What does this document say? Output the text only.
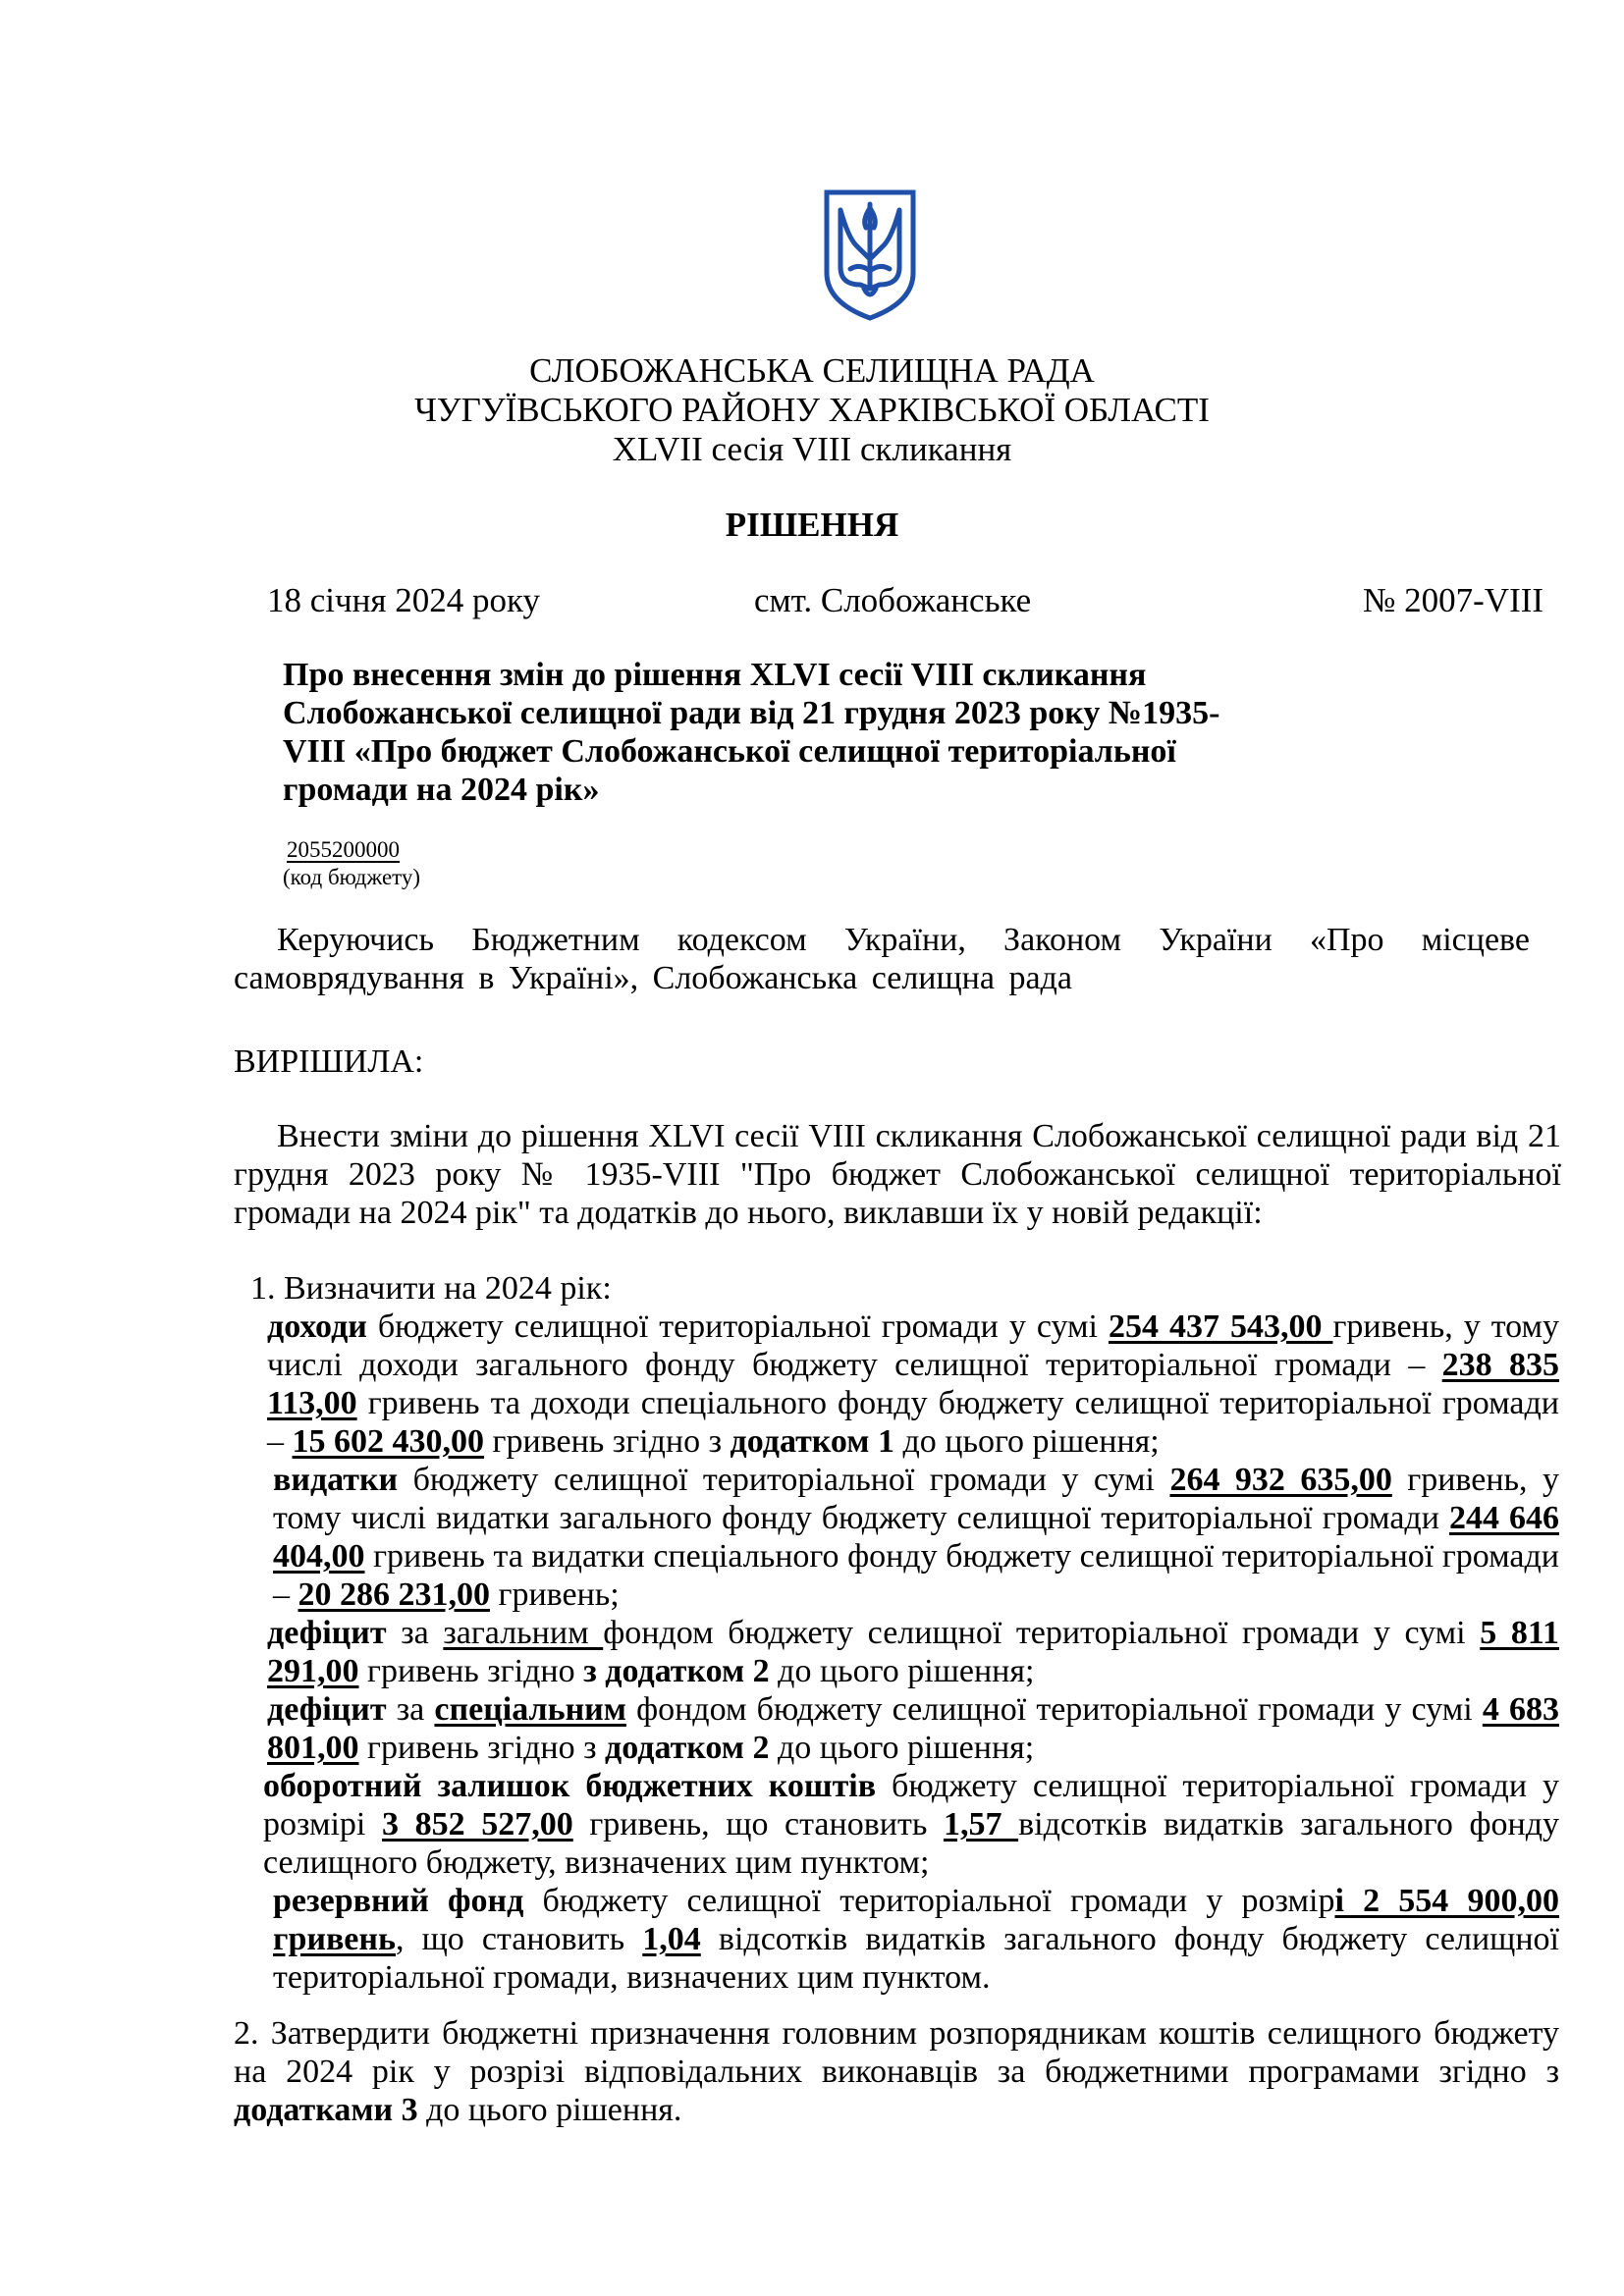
СЛОБОЖАНСЬКА СЕЛИЩНА РАДА
ЧУГУЇВСЬКОГО РАЙОНУ ХАРКІВСЬКОЇ ОБЛАСТІ
XLVII сесія VIII скликання
РІШЕННЯ
18 січня 2024 року	смт. Слобожанське	№ 2007-VIII
Про внесення змін до рішення XLVI сесії VIII скликання
Слобожанської селищної ради від 21 грудня 2023 року №1935-
VIII «Про бюджет Слобожанської селищної територіальної
громади на 2024 рік»
2055200000
(код бюджету)
Керуючись Бюджетним кодексом України, Законом України «Про місцеве самоврядування в Україні», Слобожанська селищна рада
ВИРІШИЛА:
Внести зміни до рішення XLVI сесії VIII скликання Слобожанської селищної ради від 21 грудня 2023 року № 1935-VIII "Про бюджет Слобожанської селищної територіальної громади на 2024 рік" та додатків до нього, виклавши їх у новій редакції:
1. Визначити на 2024 рік:
доходи бюджету селищної територіальної громади у сумі 254 437 543,00 гривень, у тому числі доходи загального фонду бюджету селищної територіальної громади – 238 835 113,00 гривень та доходи спеціального фонду бюджету селищної територіальної громади – 15 602 430,00 гривень згідно з додатком 1 до цього рішення;
видатки бюджету селищної територіальної громади у сумі 264 932 635,00 гривень, у тому числі видатки загального фонду бюджету селищної територіальної громади 244 646 404,00 гривень та видатки спеціального фонду бюджету селищної територіальної громади – 20 286 231,00 гривень;
дефіцит за загальним фондом бюджету селищної територіальної громади у сумі 5 811 291,00 гривень згідно з додатком 2 до цього рішення;
дефіцит за спеціальним фондом бюджету селищної територіальної громади у сумі 4 683 801,00 гривень згідно з додатком 2 до цього рішення;
оборотний залишок бюджетних коштів бюджету селищної територіальної громади у розмірі 3 852 527,00 гривень, що становить 1,57 відсотків видатків загального фонду селищного бюджету, визначених цим пунктом;
резервний фонд бюджету селищної територіальної громади у розмірі 2 554 900,00 гривень, що становить 1,04 відсотків видатків загального фонду бюджету селищної територіальної громади, визначених цим пунктом.
2. Затвердити бюджетні призначення головним розпорядникам коштів селищного бюджету на 2024 рік у розрізі відповідальних виконавців за бюджетними програмами згідно з додатками 3 до цього рішення.
